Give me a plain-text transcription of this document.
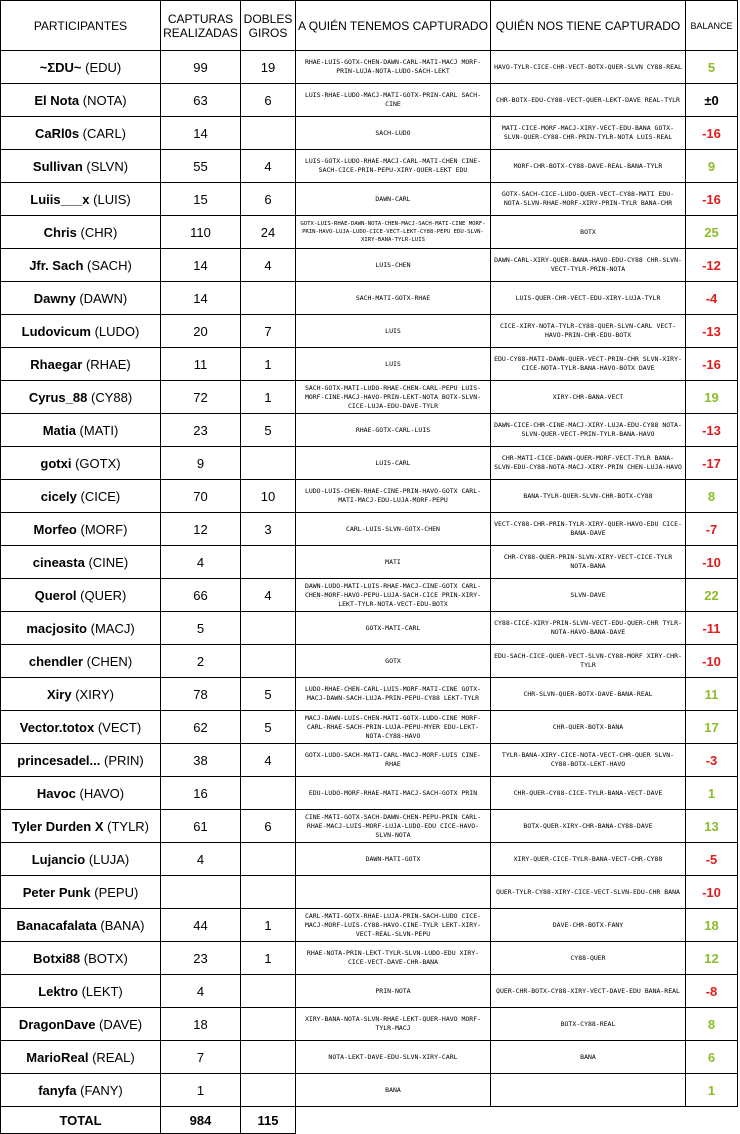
PARTICIPANTES	CAPTURAS REALIZADAS	DOBLES GIROS	A QUIÉN TENEMOS CAPTURADO	QUIÉN NOS TIENE CAPTURADO	BALANCE
~ΣDU~ (EDU)	99	19	RHAE-LUIS-GOTX-CHEN-DAWN-CARL-MATI-MACJ MORF-PRIN-LUJA-NOTA-LUDO-SACH-LEKT	HAVO-TYLR-CICE-CHR-VECT-BOTX-QUER-SLVN CY88-REAL	5
El Nota (NOTA)	63	6	LUIS-RHAE-LUDO-MACJ-MATI-GOTX-PRIN-CARL SACH-CINE	CHR-BOTX-EDU-CY88-VECT-QUER-LEKT-DAVE REAL-TYLR	±0
CaRl0s (CARL)	14		SACH-LUDO	MATI-CICE-MORF-MACJ-XIRY-VECT-EDU-BANA GOTX-SLVN-QUER-CY88-CHR-PRIN-TYLR-NOTA LUIS-REAL	-16
Sullivan (SLVN)	55	4	LUIS-GOTX-LUDO-RHAE-MACJ-CARL-MATI-CHEN CINE-SACH-CICE-PRIN-PEPU-XIRY-QUER-LEKT EDU	MORF-CHR-BOTX-CY88-DAVE-REAL-BANA-TYLR	9
Luiis___x (LUIS)	15	6	DAWN-CARL	GOTX-SACH-CICE-LUDO-QUER-VECT-CY88-MATI EDU-NOTA-SLVN-RHAE-MORF-XIRY-PRIN-TYLR BANA-CHR	-16
Chris (CHR)	110	24	GOTX-LUIS-RHAE-DAWN-NOTA-CHEN-MACJ-SACH-MATI-CINE MORF-PRIN-HAVO-LUJA-LUDO-CICE-VECT-LEKT-CY88-PEPU EDU-SLVN-XIRY-BANA-TYLR-LUIS	BOTX	25
Jfr. Sach (SACH)	14	4	LUIS-CHEN	DAWN-CARL-XIRY-QUER-BANA-HAVO-EDU-CY88 CHR-SLVN-VECT-TYLR-PRIN-NOTA	-12
Dawny (DAWN)	14		SACH-MATI-GOTX-RHAE	LUIS-QUER-CHR-VECT-EDU-XIRY-LUJA-TYLR	-4
Ludovicum (LUDO)	20	7	LUIS	CICE-XIRY-NOTA-TYLR-CY88-QUER-SLVN-CARL VECT-HAVO-PRIN-CHR-EDU-BOTX	-13
Rhaegar (RHAE)	11	1	LUIS	EDU-CY88-MATI-DAWN-QUER-VECT-PRIN-CHR SLVN-XIRY-CICE-NOTA-TYLR-BANA-HAVO-BOTX DAVE	-16
Cyrus_88 (CY88)	72	1	SACH-GOTX-MATI-LUDO-RHAE-CHEN-CARL-PEPU LUIS-MORF-CINE-MACJ-HAVO-PRIN-LEKT-NOTA BOTX-SLVN-CICE-LUJA-EDU-DAVE-TYLR	XIRY-CHR-BANA-VECT	19
Matia (MATI)	23	5	RHAE-GOTX-CARL-LUIS	DAWN-CICE-CHR-CINE-MACJ-XIRY-LUJA-EDU-CY88 NOTA-SLVN-QUER-VECT-PRIN-TYLR-BANA-HAVO	-13
gotxi (GOTX)	9		LUIS-CARL	CHR-MATI-CICE-DAWN-QUER-MORF-VECT-TYLR BANA-SLVN-EDU-CY88-NOTA-MACJ-XIRY-PRIN CHEN-LUJA-HAVO	-17
cicely (CICE)	70	10	LUDO-LUIS-CHEN-RHAE-CINE-PRIN-HAVO-GOTX CARL-MATI-MACJ-EDU-LUJA-MORF-PEPU	BANA-TYLR-QUER-SLVN-CHR-BOTX-CY88	8
Morfeo (MORF)	12	3	CARL-LUIS-SLVN-GOTX-CHEN	VECT-CY88-CHR-PRIN-TYLR-XIRY-QUER-HAVO-EDU CICE-BANA-DAVE	-7
cineasta (CINE)	4		MATI	CHR-CY88-QUER-PRIN-SLVN-XIRY-VECT-CICE-TYLR NOTA-BANA	-10
Querol (QUER)	66	4	DAWN-LUDO-MATI-LUIS-RHAE-MACJ-CINE-GOTX CARL-CHEN-MORF-HAVO-PEPU-LUJA-SACH-CICE PRIN-XIRY-LEKT-TYLR-NOTA-VECT-EDU-BOTX	SLVN-DAVE	22
macjosito (MACJ)	5		GOTX-MATI-CARL	CY88-CICE-XIRY-PRIN-SLVN-VECT-EDU-QUER-CHR TYLR-NOTA-HAVO-BANA-DAVE	-11
chendler (CHEN)	2		GOTX	EDU-SACH-CICE-QUER-VECT-SLVN-CY88-MORF XIRY-CHR-TYLR	-10
Xiry (XIRY)	78	5	LUDO-RHAE-CHEN-CARL-LUIS-MORF-MATI-CINE GOTX-MACJ-DAWN-SACH-LUJA-PRIN-PEPU-CY88 LEKT-TYLR	CHR-SLVN-QUER-BOTX-DAVE-BANA-REAL	11
Vector.totox (VECT)	62	5	MACJ-DAWN-LUIS-CHEN-MATI-GOTX-LUDO-CINE MORF-CARL-RHAE-SACH-PRIN-LUJA-PEPU-MYER EDU-LEKT-NOTA-CY88-HAVO	CHR-QUER-BOTX-BANA	17
princesadel... (PRIN)	38	4	GOTX-LUDO-SACH-MATI-CARL-MACJ-MORF-LUIS CINE-RHAE	TYLR-BANA-XIRY-CICE-NOTA-VECT-CHR-QUER SLVN-CY88-BOTX-LEKT-HAVO	-3
Havoc (HAVO)	16		EDU-LUDO-MORF-RHAE-MATI-MACJ-SACH-GOTX PRIN	CHR-QUER-CY88-CICE-TYLR-BANA-VECT-DAVE	1
Tyler Durden X (TYLR)	61	6	CINE-MATI-GOTX-SACH-DAWN-CHEN-PEPU-PRIN CARL-RHAE-MACJ-LUIS-MORF-LUJA-LUDO-EDU CICE-HAVO-SLVN-NOTA	BOTX-QUER-XIRY-CHR-BANA-CY88-DAVE	13
Lujancio (LUJA)	4		DAWN-MATI-GOTX	XIRY-QUER-CICE-TYLR-BANA-VECT-CHR-CY88	-5
Peter Punk (PEPU)				QUER-TYLR-CY88-XIRY-CICE-VECT-SLVN-EDU-CHR BANA	-10
Banacafalata (BANA)	44	1	CARL-MATI-GOTX-RHAE-LUJA-PRIN-SACH-LUDO CICE-MACJ-MORF-LUIS-CY88-HAVO-CINE-TYLR LEKT-XIRY-VECT-REAL-SLVN-PEPU	DAVE-CHR-BOTX-FANY	18
Botxi88 (BOTX)	23	1	RHAE-NOTA-PRIN-LEKT-TYLR-SLVN-LUDO-EDU XIRY-CICE-VECT-DAVE-CHR-BANA	CY88-QUER	12
Lektro (LEKT)	4		PRIN-NOTA	QUER-CHR-BOTX-CY88-XIRY-VECT-DAVE-EDU BANA-REAL	-8
DragonDave (DAVE)	18		XIRY-BANA-NOTA-SLVN-RHAE-LEKT-QUER-HAVO MORF-TYLR-MACJ	BOTX-CY88-REAL	8
MarioReal (REAL)	7		NOTA-LEKT-DAVE-EDU-SLVN-XIRY-CARL	BANA	6
fanyfa (FANY)	1		BANA		1
TOTAL	984	115			
